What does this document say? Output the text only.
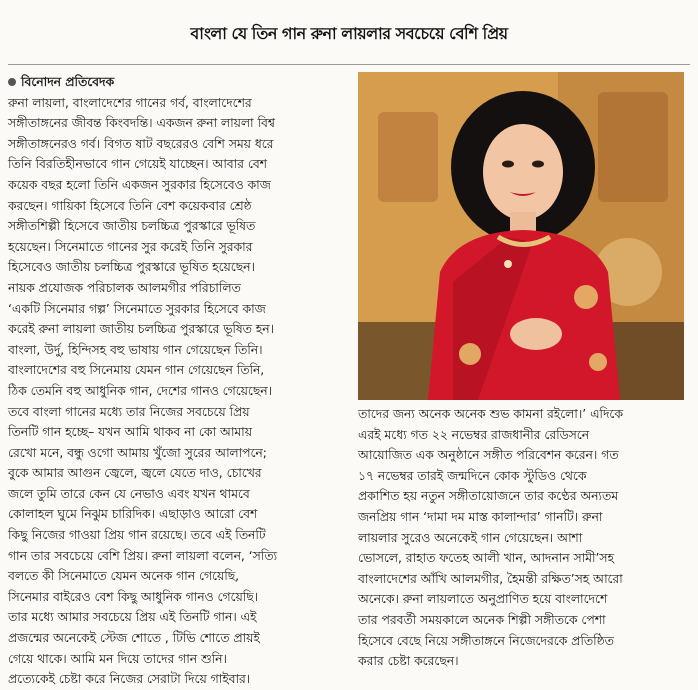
বাংলা যে তিন গান রুনা লায়লার সবচেয়ে বেশি প্রিয়
বিনোদন প্রতিবেদক

রুনা লায়লা, বাংলাদেশের গানের গর্ব, বাংলাদেশের

সঙ্গীতাঙ্গনের জীবন্ত কিংবদন্তি। একজন রুনা লায়লা বিশ্ব

সঙ্গীতাঙ্গনেরও গর্ব। বিগত ষাট বছরেরও বেশি সময় ধরে

তিনি বিরতিহীনভাবে গান গেয়েই যাচ্ছেন। আবার বেশ

কয়েক বছর হলো তিনি একজন সুরকার হিসেবেও কাজ

করছেন। গায়িকা হিসেবে তিনি বেশ কয়েকবার শ্রেষ্ঠ

সঙ্গীতশিল্পী হিসেবে জাতীয় চলচ্চিত্র পুরস্কারে ভূষিত

হয়েছেন। সিনেমাতে গানের সুর করেই তিনি সুরকার

হিসেবেও জাতীয় চলচ্চিত্র পুরস্কারে ভূষিত হয়েছেন।

নায়ক প্রযোজক পরিচালক আলমগীর পরিচালিত

‘একটি সিনেমার গল্প’ সিনেমাতে সুরকার হিসেবে কাজ

করেই রুনা লায়লা জাতীয় চলচ্চিত্র পুরস্কারে ভূষিত হন।

বাংলা, উর্দু, হিন্দিসহ বহু ভাষায় গান গেয়েছেন তিনি।

বাংলাদেশের বহু সিনেমায় যেমন গান গেয়েছেন তিনি,

ঠিক তেমনি বহু আধুনিক গান, দেশের গানও গেয়েছেন।

তবে বাংলা গানের মধ্যে তার নিজের সবচেয়ে প্রিয়

তিনটি গান হচ্ছে– যখন আমি থাকব না কো আমায়

রেখো মনে, বন্ধু ওগো আমায় খুঁজো সুরের আলাপনে;

বুকে আমার আগুন জ্বেলে, জ্বলে যেতে দাও, চোখের

জলে তুমি তারে কেন যে নেভাও এবং যখন থামবে

কোলাহল ঘুমে নিঝুম চারিদিক। এছাড়াও আরো বেশ

কিছু নিজের গাওয়া প্রিয় গান রয়েছে। তবে এই তিনটি

গান তার সবচেয়ে বেশি প্রিয়। রুনা লায়লা বলেন, ‘সত্যি

বলতে কী সিনেমাতে যেমন অনেক গান গেয়েছি,

সিনেমার বাইরেও বেশ কিছু আধুনিক গানও গেয়েছি।

তার মধ্যে আমার সবচেয়ে প্রিয় এই তিনটি গান। এই

প্রজন্মের অনেকেই স্টেজ শোতে , টিভি শোতে প্রায়ই

গেয়ে থাকে। আমি মন দিয়ে তাদের গান শুনি।

প্রত্যেকেই চেষ্টা করে নিজের সেরাটা দিয়ে গাইবার।

তাদের জন্য অনেক অনেক শুভ কামনা রইলো।’ এদিকে

এরই মধ্যে গত ২২ নভেম্বর রাজধানীর রেডিসনে

আয়োজিত এক অনুষ্ঠানে সঙ্গীত পরিবেশন করেন। গত

১৭ নভেম্বর তারই জন্মদিনে কোক স্টুডিও থেকে

প্রকাশিত হয় নতুন সঙ্গীতায়োজনে তার কণ্ঠের অন্যতম

জনপ্রিয় গান ‘দামা দম মাস্ত কালান্দার’ গানটি। রুনা

লায়লার সুরেও অনেকেই গান গেয়েছেন। আশা

ভোসলে, রাহাত ফতেহ আলী খান, আদনান সামী’সহ

বাংলাদেশের আঁখি আলমগীর, হৈমন্তী রক্ষিত’সহ আরো

অনেকে। রুনা লায়লাতে অনুপ্রাণিত হয়ে বাংলাদেশে

তার পরবর্তী সময়কালে অনেক শিল্পী সঙ্গীতকে পেশা

হিসেবে বেছে নিয়ে সঙ্গীতাঙ্গনে নিজেদেরকে প্রতিষ্ঠিত

করার চেষ্টা করেছেন।
